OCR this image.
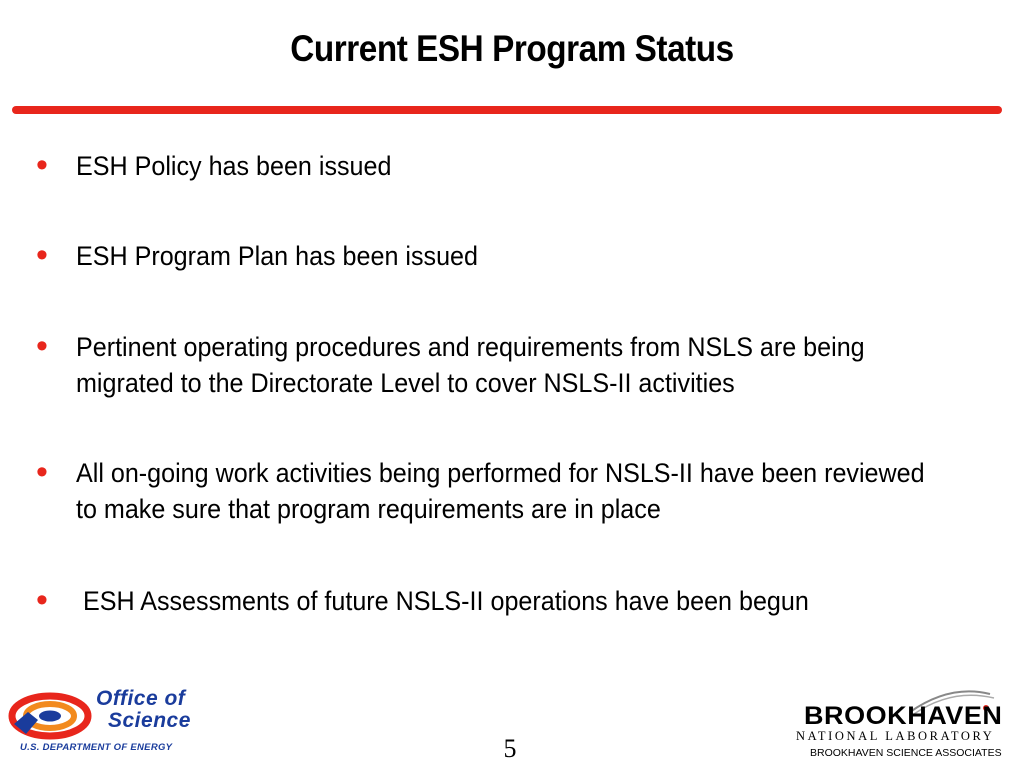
Current ESH Program Status
• ESH Policy has been issued
• ESH Program Plan has been issued
• Pertinent operating procedures and requirements from NSLS are being migrated to the Directorate Level to cover NSLS-II activities
• All on-going work activities being performed for NSLS-II have been reviewed to make sure that program requirements are in place
• ESH Assessments of future NSLS-II operations have been begun
Office of
Science
U.S. DEPARTMENT OF ENERGY	5
BROOKHAVEN
NATIONAL LABORATORY
BROOKHAVEN SCIENCE ASSOCIATES
